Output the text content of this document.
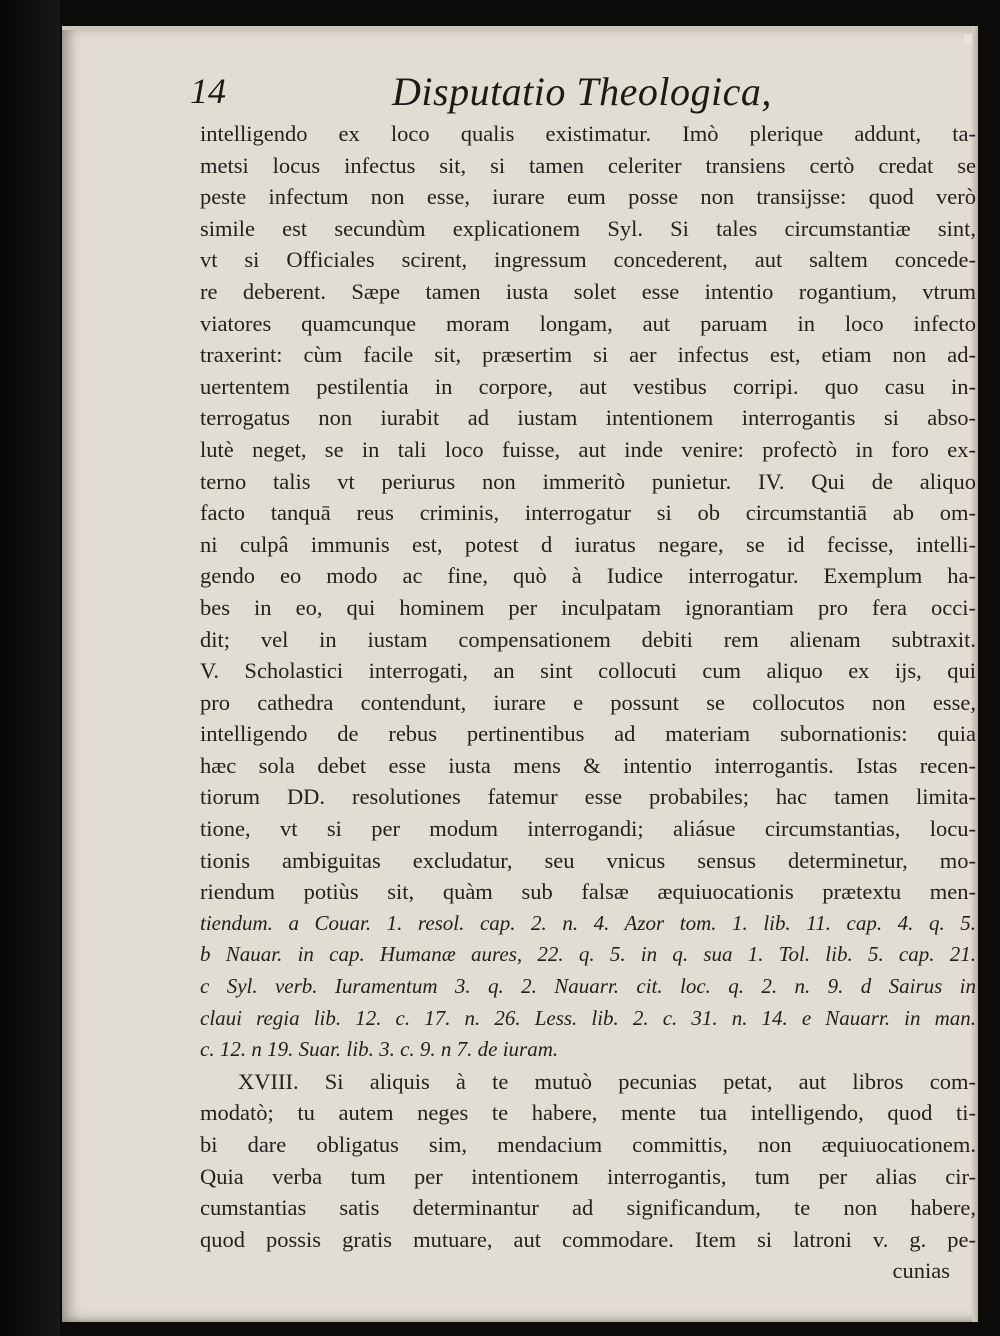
14	Disputatio Theologica,
intelligendo ex loco qualis existimatur. Imò plerique addunt, ta-
metsi locus infectus sit, si tamen celeriter transiens certò credat se
peste infectum non esse, iurare eum posse non transijsse: quod verò
simile est secundùm explicationem Syl. Si tales circumstantiæ sint,
vt si Officiales scirent, ingressum concederent, aut saltem concede-
re deberent. Sæpe tamen iusta solet esse intentio rogantium, vtrum
viatores quamcunque moram longam, aut paruam in loco infecto
traxerint: cùm facile sit, præsertim si aer infectus est, etiam non ad-
uertentem pestilentia in corpore, aut vestibus corripi. quo casu in-
terrogatus non iurabit ad iustam intentionem interrogantis si abso-
lutè neget, se in tali loco fuisse, aut inde venire: profectò in foro ex-
terno talis vt periurus non immeritò punietur. IV. Qui de aliquo
facto tanquā reus criminis, interrogatur si ob circumstantiā ab om-
ni culpâ immunis est, potest d iuratus negare, se id fecisse, intelli-
gendo eo modo ac fine, quò à Iudice interrogatur. Exemplum ha-
bes in eo, qui hominem per inculpatam ignorantiam pro fera occi-
dit; vel in iustam compensationem debiti rem alienam subtraxit.
V. Scholastici interrogati, an sint collocuti cum aliquo ex ijs, qui
pro cathedra contendunt, iurare e possunt se collocutos non esse,
intelligendo de rebus pertinentibus ad materiam subornationis: quia
hæc sola debet esse iusta mens & intentio interrogantis. Istas recen-
tiorum DD. resolutiones fatemur esse probabiles; hac tamen limita-
tione, vt si per modum interrogandi; aliásue circumstantias, locu-
tionis ambiguitas excludatur, seu vnicus sensus determinetur, mo-
riendum potiùs sit, quàm sub falsæ æquiuocationis prætextu men-
tiendum. a Couar. 1. resol. cap. 2. n. 4. Azor tom. 1. lib. 11. cap. 4. q. 5.
b Nauar. in cap. Humanæ aures, 22. q. 5. in q. sua 1. Tol. lib. 5. cap. 21.
c Syl. verb. Iuramentum 3. q. 2. Nauarr. cit. loc. q. 2. n. 9. d Sairus in
claui regia lib. 12. c. 17. n. 26. Less. lib. 2. c. 31. n. 14. e Nauarr. in man.
c. 12. n 19. Suar. lib. 3. c. 9. n 7. de iuram.
XVIII. Si aliquis à te mutuò pecunias petat, aut libros com-
modatò; tu autem neges te habere, mente tua intelligendo, quod ti-
bi dare obligatus sim, mendacium committis, non æquiuocationem.
Quia verba tum per intentionem interrogantis, tum per alias cir-
cumstantias satis determinantur ad significandum, te non habere,
quod possis gratis mutuare, aut commodare. Item si latroni v. g. pe-
cunias
